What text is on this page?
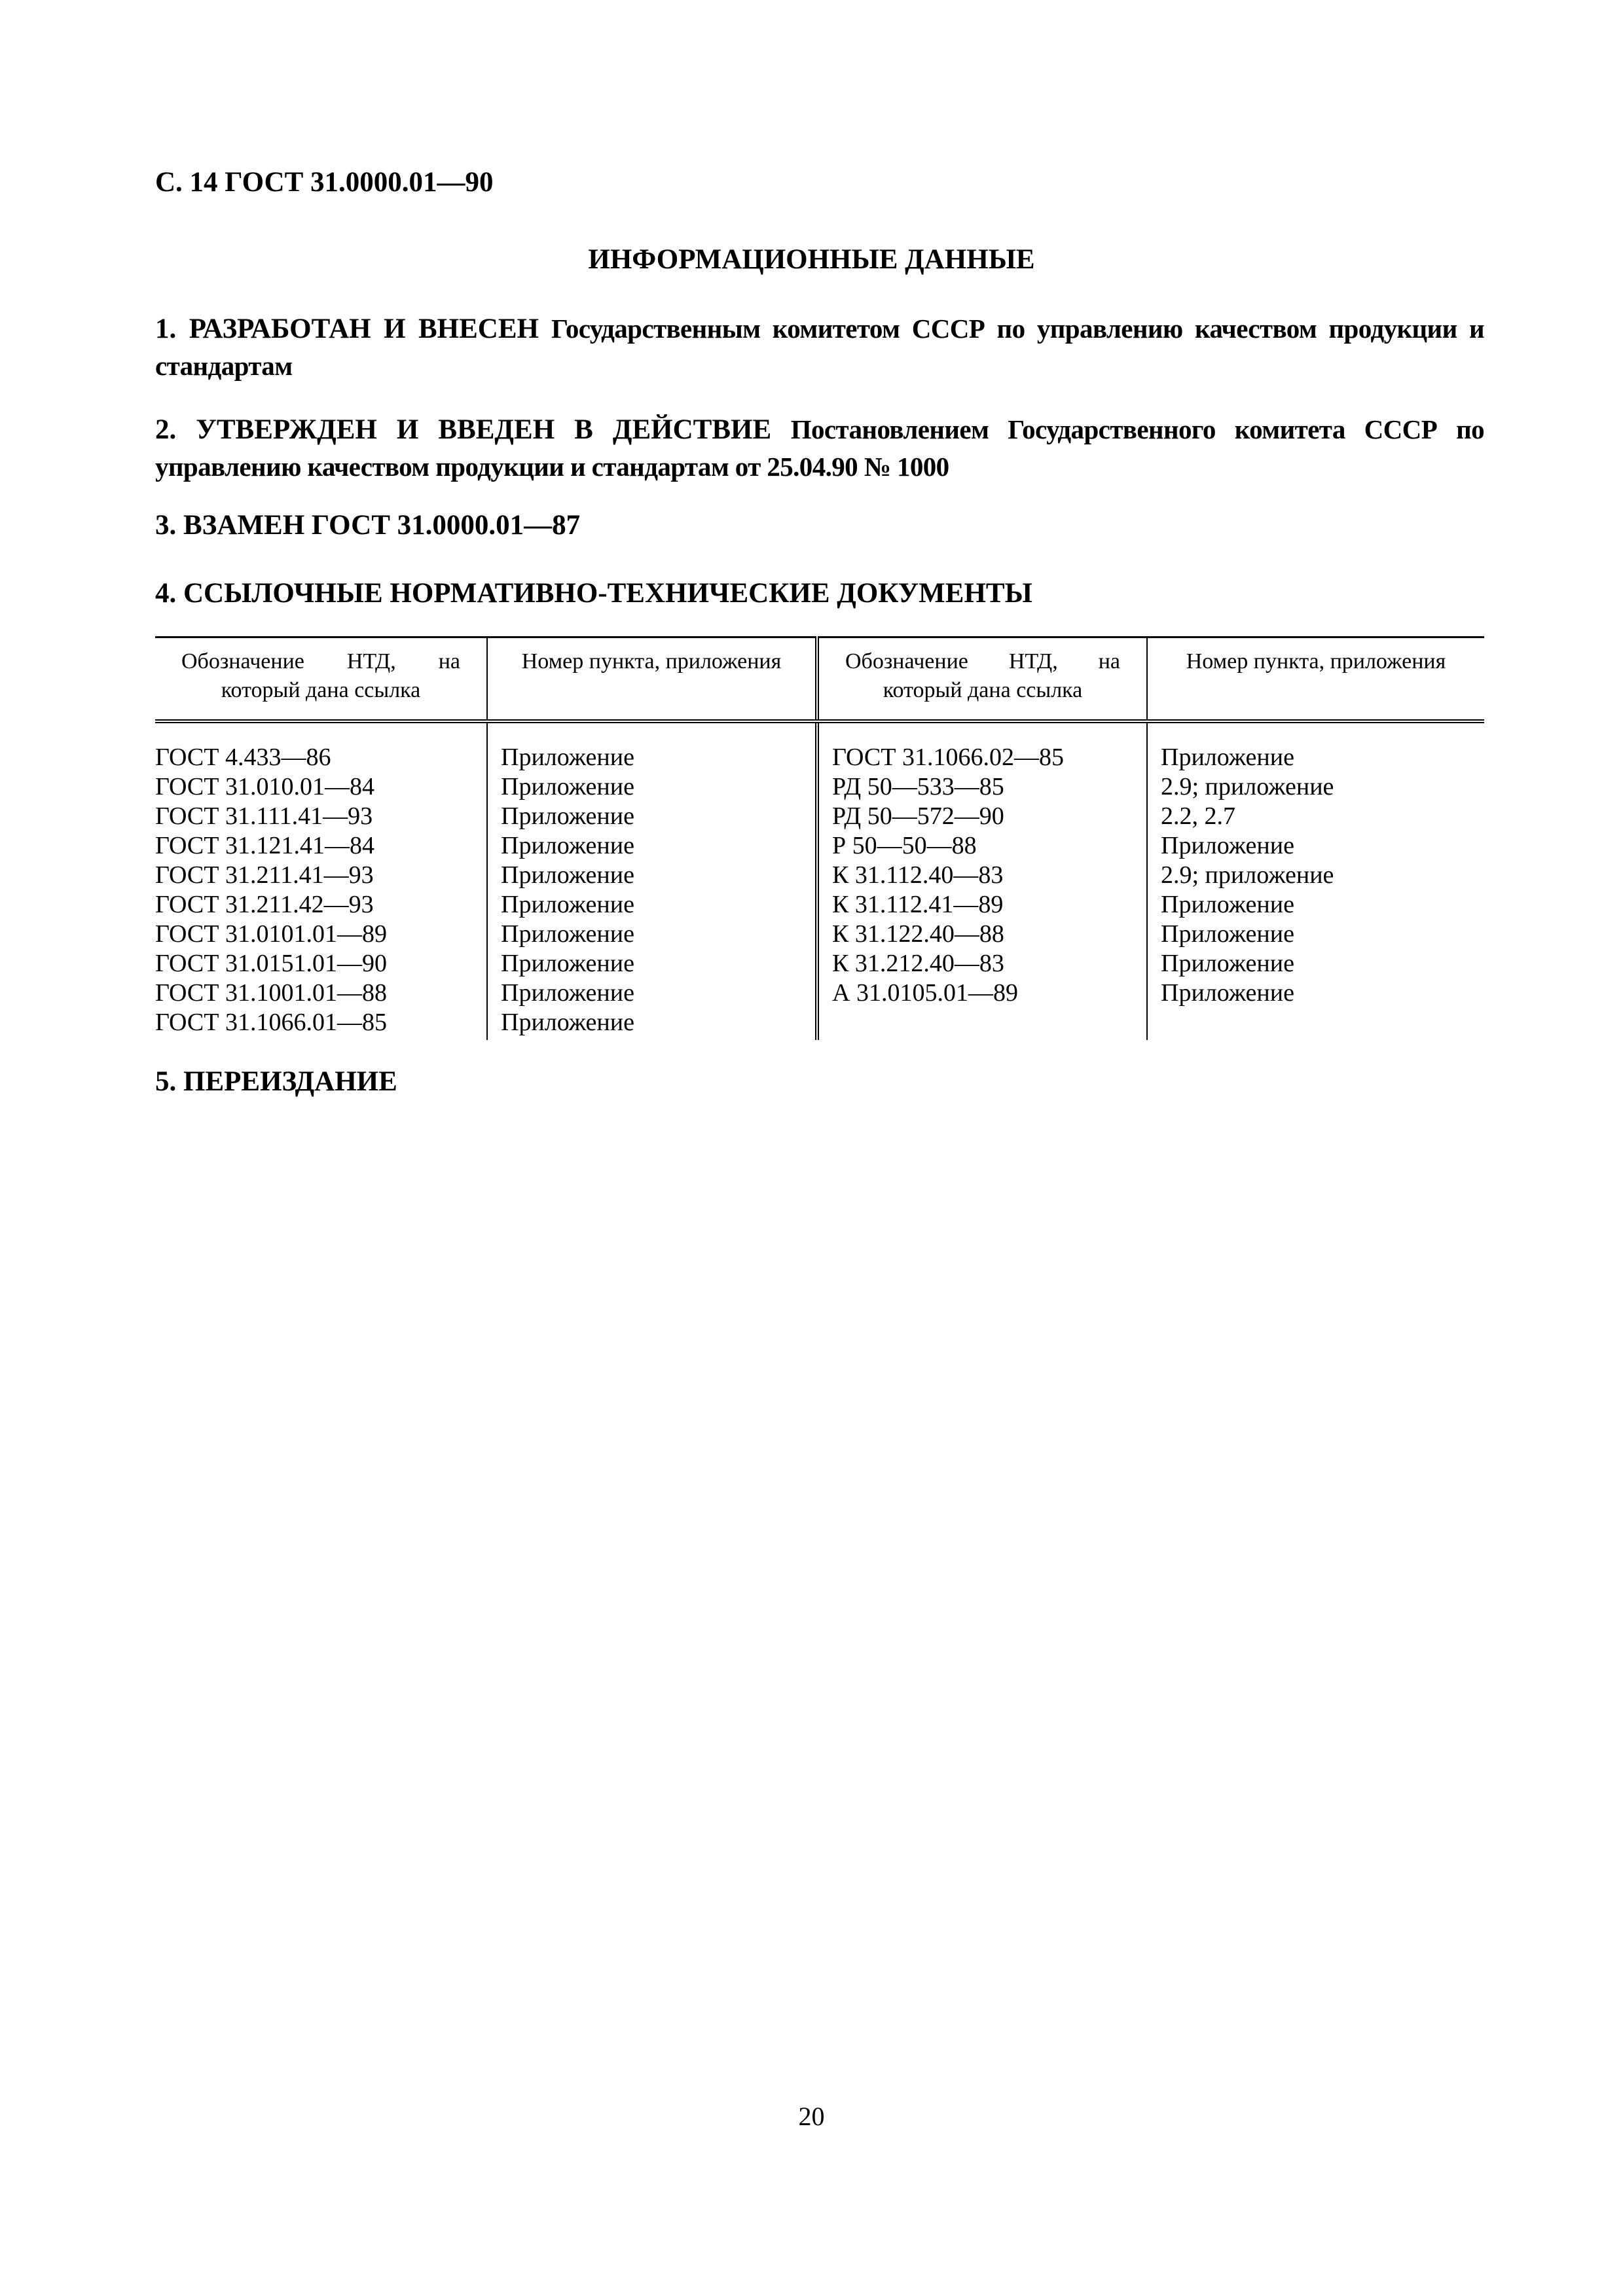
С. 14 ГОСТ 31.0000.01—90

ИНФОРМАЦИОННЫЕ ДАННЫЕ

1. РАЗРАБОТАН И ВНЕСЕН Государственным комитетом СССР по управлению качеством продукции и стандартам

2. УТВЕРЖДЕН И ВВЕДЕН В ДЕЙСТВИЕ Постановлением Государственного комитета СССР по управлению качеством продукции и стандартам от 25.04.90 № 1000

3. ВЗАМЕН ГОСТ 31.0000.01—87

4. ССЫЛОЧНЫЕ НОРМАТИВНО-ТЕХНИЧЕСКИЕ ДОКУМЕНТЫ

Обозначение НТД, на который дана ссылка	Номер пункта, приложения	Обозначение НТД, на который дана ссылка	Номер пункта, приложения
ГОСТ 4.433—86	Приложение	ГОСТ 31.1066.02—85	Приложение
ГОСТ 31.010.01—84	Приложение	РД 50—533—85	2.9; приложение
ГОСТ 31.111.41—93	Приложение	РД 50—572—90	2.2, 2.7
ГОСТ 31.121.41—84	Приложение	Р 50—50—88	Приложение
ГОСТ 31.211.41—93	Приложение	К 31.112.40—83	2.9; приложение
ГОСТ 31.211.42—93	Приложение	К 31.112.41—89	Приложение
ГОСТ 31.0101.01—89	Приложение	К 31.122.40—88	Приложение
ГОСТ 31.0151.01—90	Приложение	К 31.212.40—83	Приложение
ГОСТ 31.1001.01—88	Приложение	А 31.0105.01—89	Приложение
ГОСТ 31.1066.01—85	Приложение		

5. ПЕРЕИЗДАНИЕ

20
